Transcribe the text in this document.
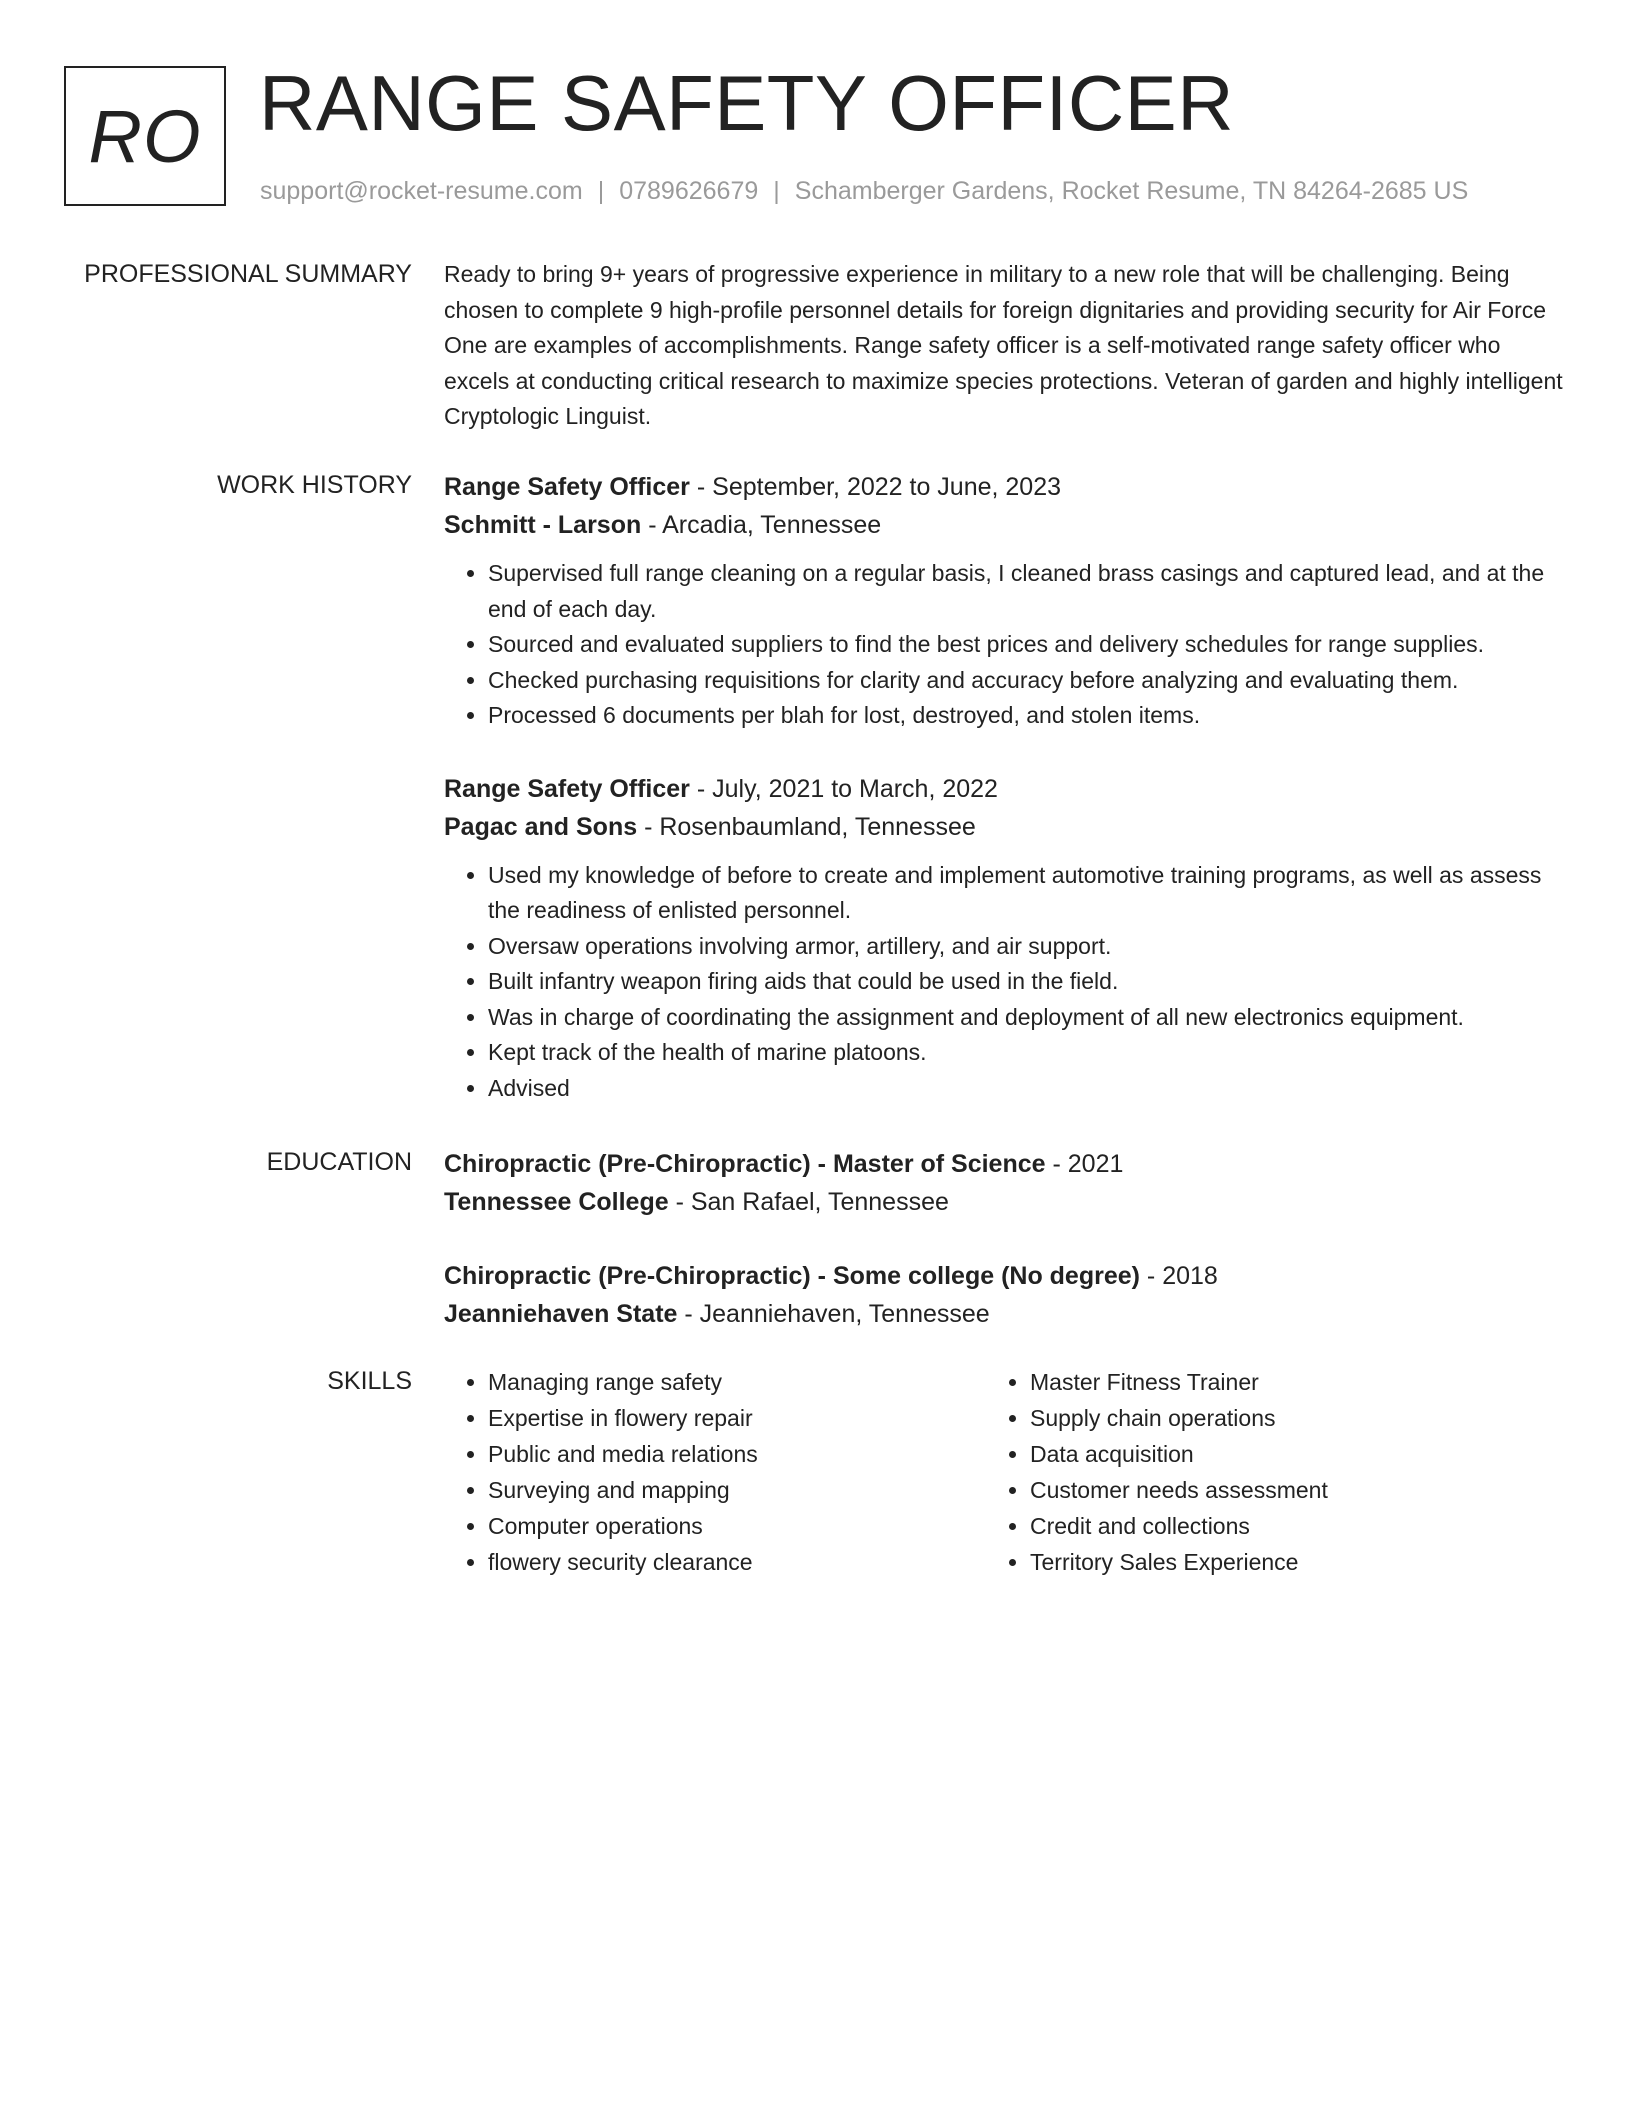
RO RANGE SAFETY OFFICER
support@rocket-resume.com | 0789626679 | Schamberger Gardens, Rocket Resume, TN 84264-2685 US
PROFESSIONAL SUMMARY Ready to bring 9+ years of progressive experience in military to a new role that will be challenging. Being chosen to complete 9 high-profile personnel details for foreign dignitaries and providing security for Air Force One are examples of accomplishments. Range safety officer is a self-motivated range safety officer who excels at conducting critical research to maximize species protections. Veteran of garden and highly intelligent Cryptologic Linguist.

WORK HISTORY Range Safety Officer - September, 2022 to June, 2023
Schmitt - Larson - Arcadia, Tennessee
• Supervised full range cleaning on a regular basis, I cleaned brass casings and captured lead, and at the end of each day.
• Sourced and evaluated suppliers to find the best prices and delivery schedules for range supplies.
• Checked purchasing requisitions for clarity and accuracy before analyzing and evaluating them.
• Processed 6 documents per blah for lost, destroyed, and stolen items.
Range Safety Officer - July, 2021 to March, 2022
Pagac and Sons - Rosenbaumland, Tennessee
• Used my knowledge of before to create and implement automotive training programs, as well as assess the readiness of enlisted personnel.
• Oversaw operations involving armor, artillery, and air support.
• Built infantry weapon firing aids that could be used in the field.
• Was in charge of coordinating the assignment and deployment of all new electronics equipment.
• Kept track of the health of marine platoons.
• Advised
EDUCATION Chiropractic (Pre-Chiropractic) - Master of Science - 2021
Tennessee College - San Rafael, Tennessee
Chiropractic (Pre-Chiropractic) - Some college (No degree) - 2018
Jeanniehaven State - Jeanniehaven, Tennessee
SKILLS
•	Managing range safety
• Expertise in flowery repair
• Public and media relations
• Surveying and mapping
• Computer operations
• flowery security clearance
• Master Fitness Trainer
• Supply chain operations
• Data acquisition
• Customer needs assessment
• Credit and collections
• Territory Sales Experience
